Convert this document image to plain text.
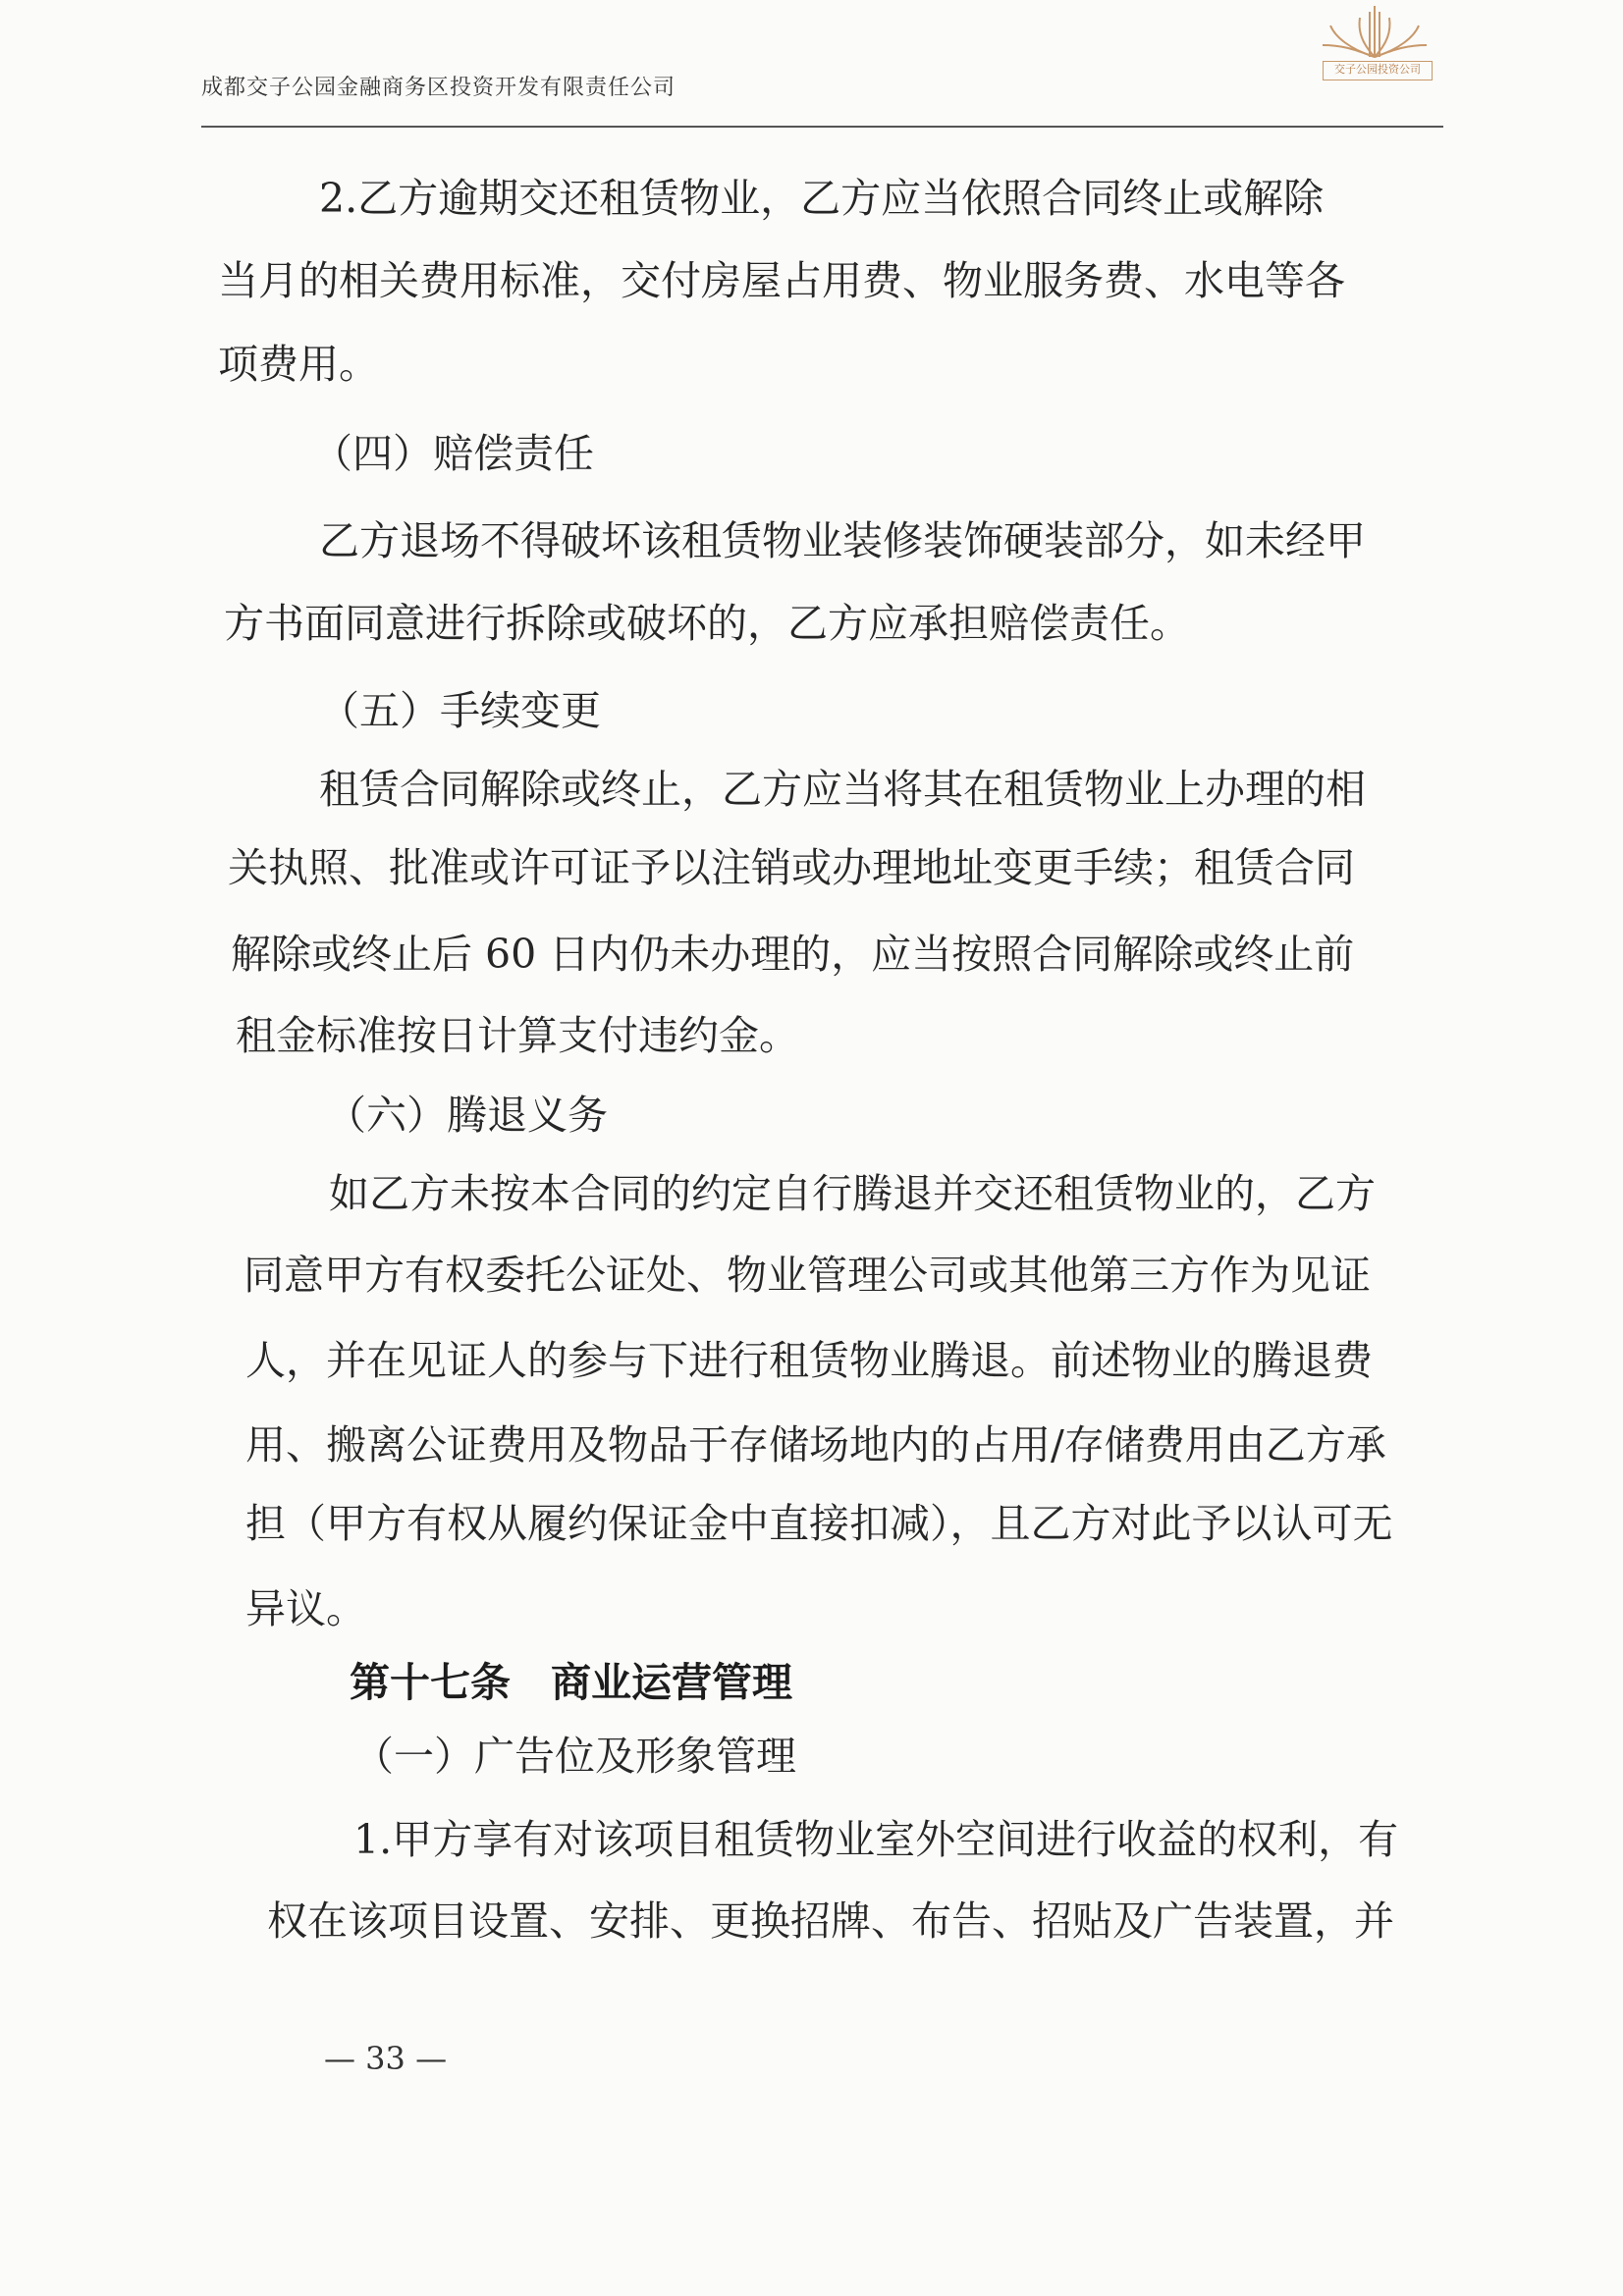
成都交子公园金融商务区投资开发有限责任公司
交子公园投资公司
2.乙方逾期交还租赁物业，乙方应当依照合同终止或解除
当月的相关费用标准，交付房屋占用费、物业服务费、水电等各
项费用。
（四）赔偿责任
乙方退场不得破坏该租赁物业装修装饰硬装部分，如未经甲
方书面同意进行拆除或破坏的，乙方应承担赔偿责任。
（五）手续变更
租赁合同解除或终止，乙方应当将其在租赁物业上办理的相
关执照、批准或许可证予以注销或办理地址变更手续；租赁合同
解除或终止后 60 日内仍未办理的，应当按照合同解除或终止前
租金标准按日计算支付违约金。
（六）腾退义务
如乙方未按本合同的约定自行腾退并交还租赁物业的，乙方
同意甲方有权委托公证处、物业管理公司或其他第三方作为见证
人，并在见证人的参与下进行租赁物业腾退。前述物业的腾退费
用、搬离公证费用及物品于存储场地内的占用/存储费用由乙方承
担（甲方有权从履约保证金中直接扣减），且乙方对此予以认可无
异议。
第十七条　商业运营管理
（一）广告位及形象管理
1.甲方享有对该项目租赁物业室外空间进行收益的权利，有
权在该项目设置、安排、更换招牌、布告、招贴及广告装置，并
— 33 —
